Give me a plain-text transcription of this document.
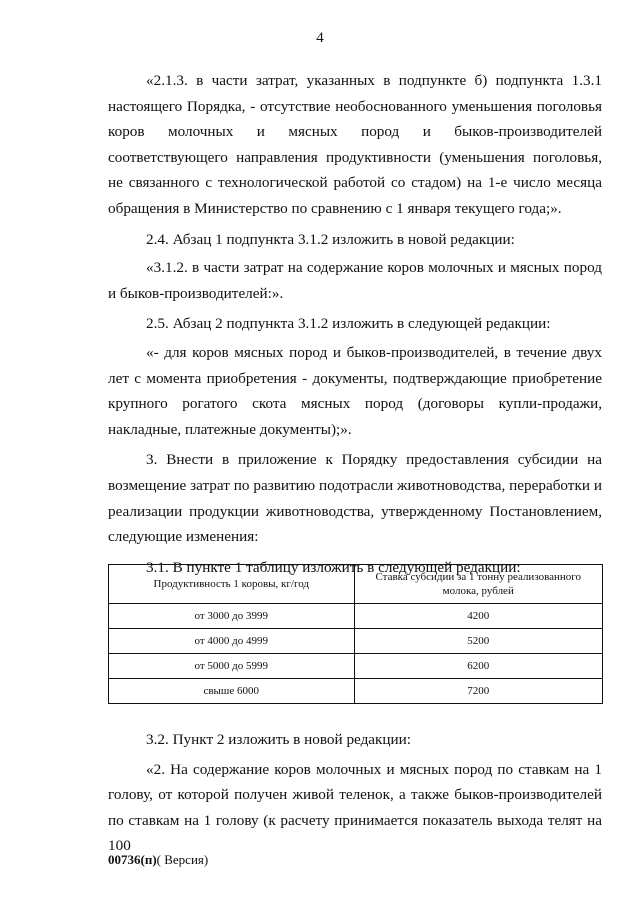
4

«2.1.3. в части затрат, указанных в подпункте б) подпункта 1.3.1 настоящего Порядка, - отсутствие необоснованного уменьшения поголовья коров молочных и мясных пород и быков-производителей соответствующего направления продуктивности (уменьшения поголовья, не связанного с технологической работой со стадом) на 1-е число месяца обращения в Министерство по сравнению с 1 января текущего года;».

2.4. Абзац 1 подпункта 3.1.2 изложить в новой редакции:

«3.1.2. в части затрат на содержание коров молочных и мясных пород и быков-производителей:».

2.5. Абзац 2 подпункта 3.1.2 изложить в следующей редакции:

«- для коров мясных пород и быков-производителей, в течение двух лет с момента приобретения - документы, подтверждающие приобретение крупного рогатого скота мясных пород (договоры купли-продажи, накладные, платежные документы);».

3. Внести в приложение к Порядку предоставления субсидии на возмещение затрат по развитию подотрасли животноводства, переработки и реализации продукции животноводства, утвержденному Постановлением, следующие изменения:

3.1. В пункте 1 таблицу изложить в следующей редакции:

Продуктивность 1 коровы, кг/год	Ставка субсидии за 1 тонну реализованного молока, рублей
от 3000 до 3999	4200
от 4000 до 4999	5200
от 5000 до 5999	6200
свыше 6000	7200

3.2. Пункт 2 изложить в новой редакции:

«2. На содержание коров молочных и мясных пород по ставкам на 1 голову, от которой получен живой теленок, а также быков-производителей по ставкам на 1 голову (к расчету принимается показатель выхода телят на 100

00736(п)( Версия)
